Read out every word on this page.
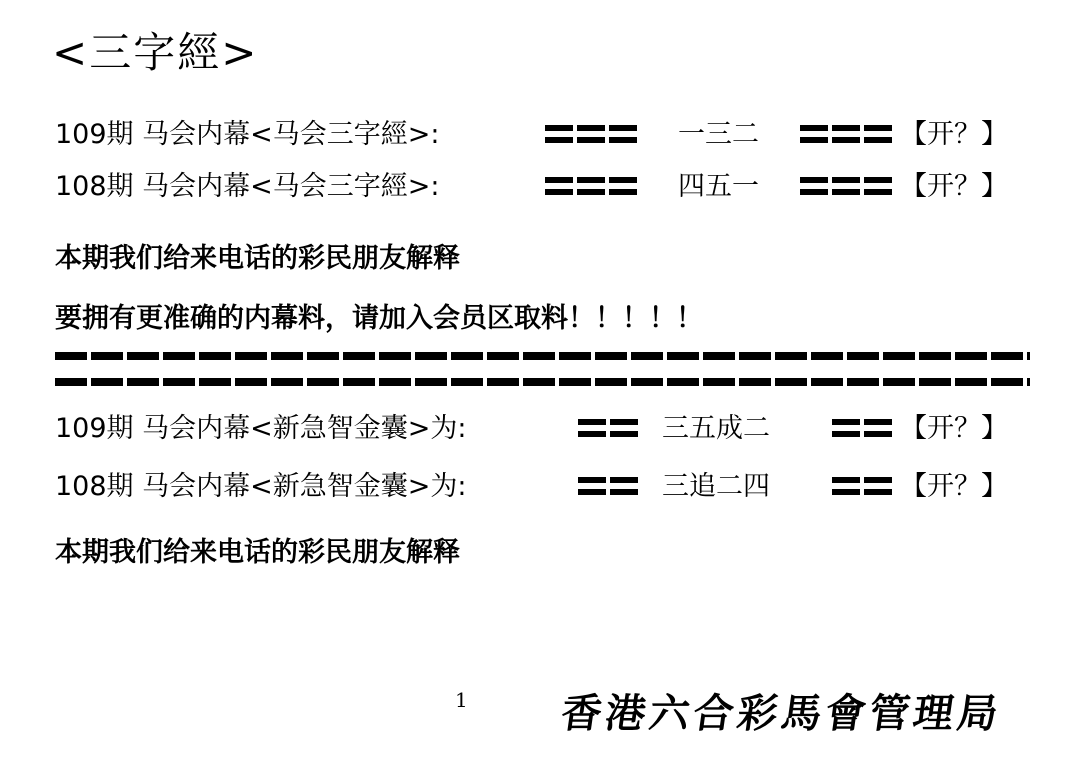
<三字經>
109期 马会内幕<马会三字經>:	一三二	【开？】
108期 马会内幕<马会三字經>:	四五一	【开？】
本期我们给来电话的彩民朋友解释
要拥有更准确的内幕料，请加入会员区取料！！！！！
109期 马会内幕<新急智金囊>为:	三五成二	【开？】
108期 马会内幕<新急智金囊>为:	三追二四	【开？】
本期我们给来电话的彩民朋友解释
1 香港六合彩馬會管理局
